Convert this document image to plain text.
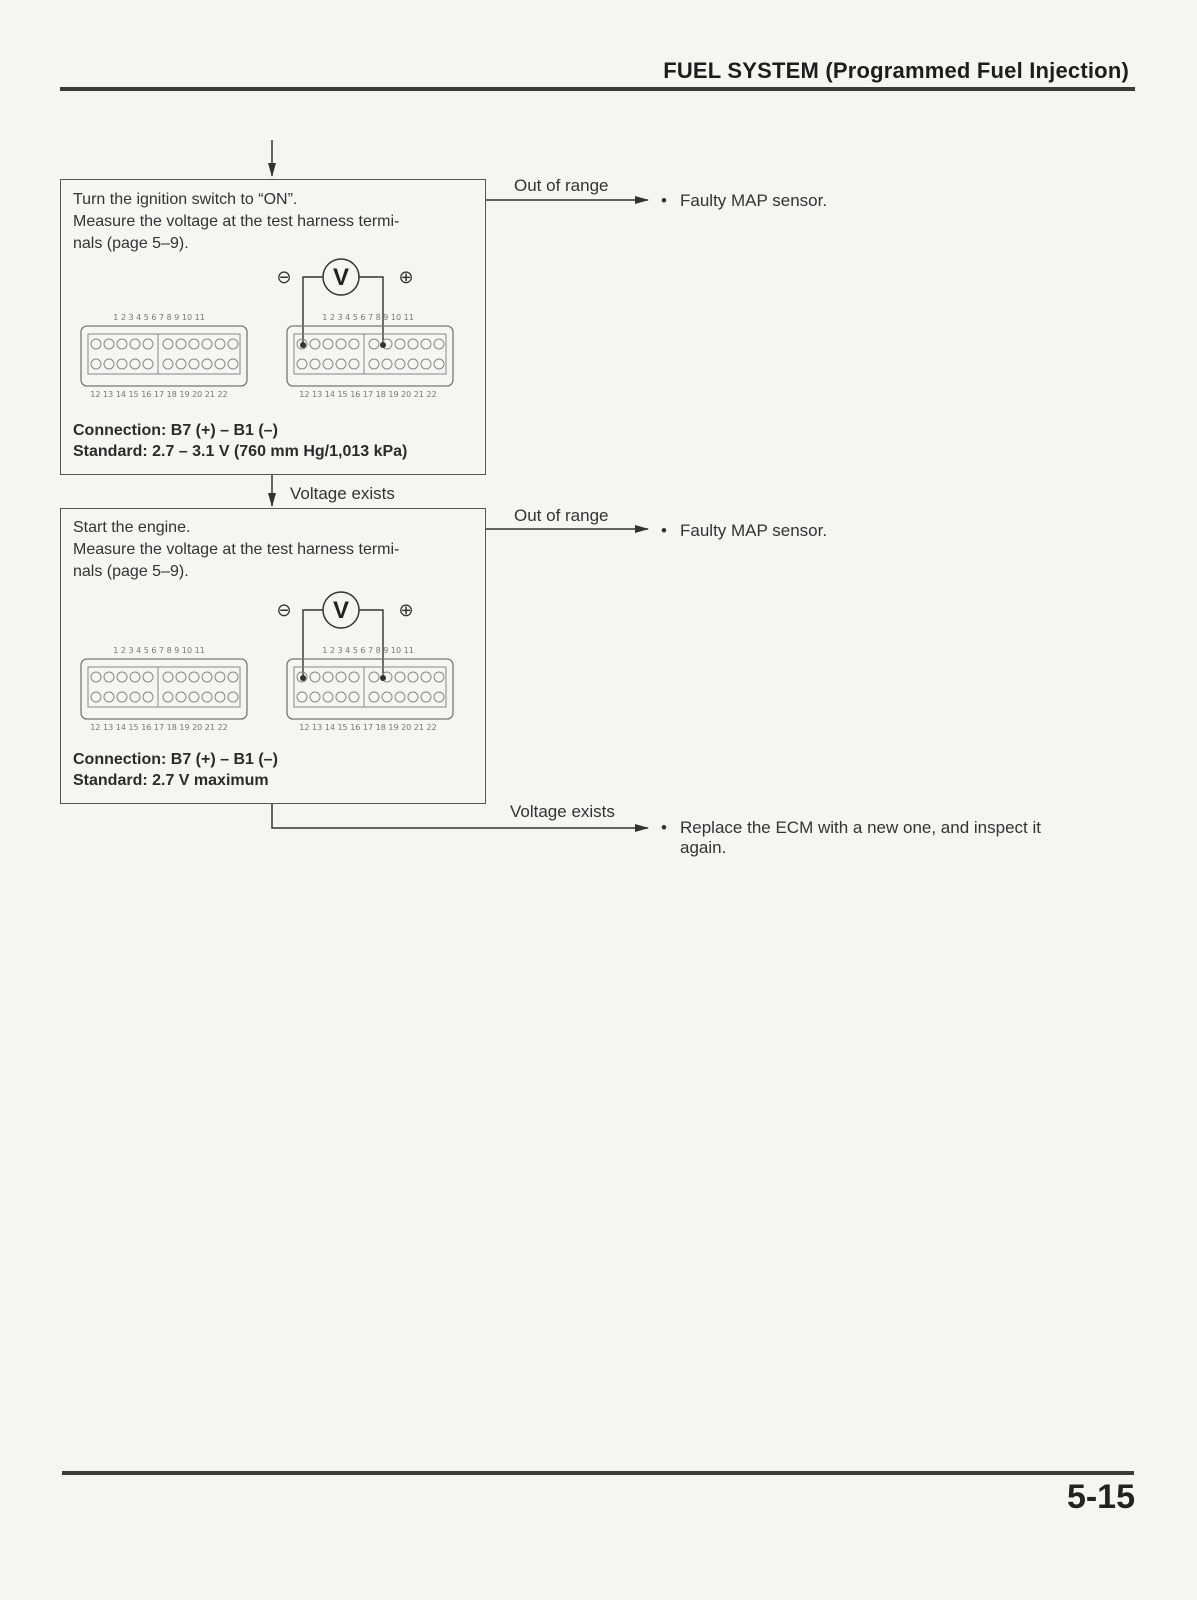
FUEL SYSTEM (Programmed Fuel Injection)
Turn the ignition switch to “ON”.
Measure the voltage at the test harness termi-
nals (page 5–9).
V
⊖	⊕
1 2 3 4 5 6 7 8 9 10 11
12 13 14 15 16 17 18 19 20 21 22
1 2 3 4 5 6 7 8 9 10 11
12 13 14 15 16 17 18 19 20 21 22
Connection: B7 (+) – B1 (–)
Standard: 2.7 – 3.1 V (760 mm Hg/1,013 kPa)
Out of range
• Faulty MAP sensor.
Voltage exists
Start the engine.
Measure the voltage at the test harness termi-
nals (page 5–9).
V
⊖	⊕
1 2 3 4 5 6 7 8 9 10 11
12 13 14 15 16 17 18 19 20 21 22
1 2 3 4 5 6 7 8 9 10 11
12 13 14 15 16 17 18 19 20 21 22
Connection: B7 (+) – B1 (–)
Standard: 2.7 V maximum
Out of range
• Faulty MAP sensor.
Voltage exists
• Replace the ECM with a new one, and inspect it
again.
5-15
